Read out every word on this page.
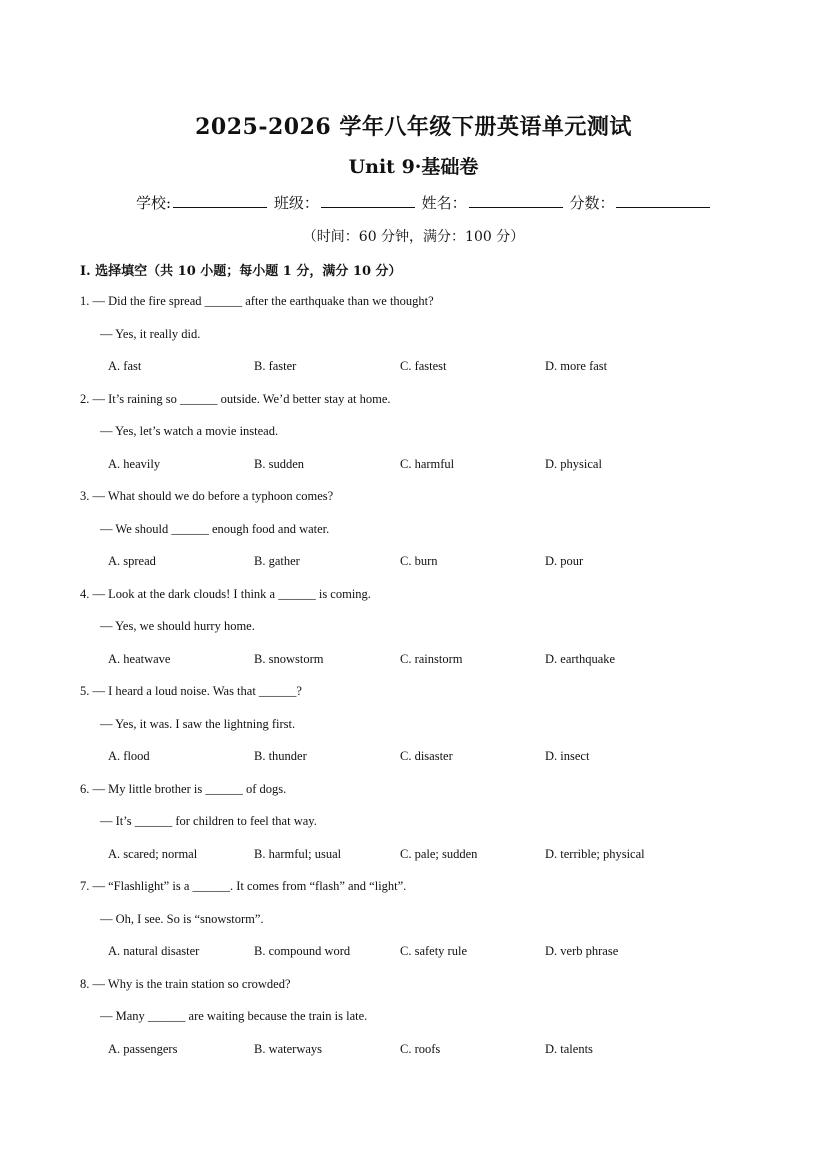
2025-2026 学年八年级下册英语单元测试
Unit 9·基础卷
学校:	班级：	姓名：	分数：
（时间：60 分钟，满分：100 分）
I. 选择填空（共 10 小题；每小题 1 分，满分 10 分）
1. — Did the fire spread ______ after the earthquake than we thought?
— Yes, it really did.
A. fast	B. faster	C. fastest	D. more fast
2. — It’s raining so ______ outside. We’d better stay at home.
— Yes, let’s watch a movie instead.
A. heavily	B. sudden	C. harmful	D. physical
3. — What should we do before a typhoon comes?
— We should ______ enough food and water.
A. spread	B. gather	C. burn	D. pour
4. — Look at the dark clouds! I think a ______ is coming.
— Yes, we should hurry home.
A. heatwave	B. snowstorm	C. rainstorm	D. earthquake
5. — I heard a loud noise. Was that ______?
— Yes, it was. I saw the lightning first.
A. flood	B. thunder	C. disaster	D. insect
6. — My little brother is ______ of dogs.
— It’s ______ for children to feel that way.
A. scared; normal	B. harmful; usual	C. pale; sudden	D. terrible; physical
7. — “Flashlight” is a ______. It comes from “flash” and “light”.
— Oh, I see. So is “snowstorm”.
A. natural disaster	B. compound word	C. safety rule	D. verb phrase
8. — Why is the train station so crowded?
— Many ______ are waiting because the train is late.
A. passengers	B. waterways	C. roofs	D. talents
